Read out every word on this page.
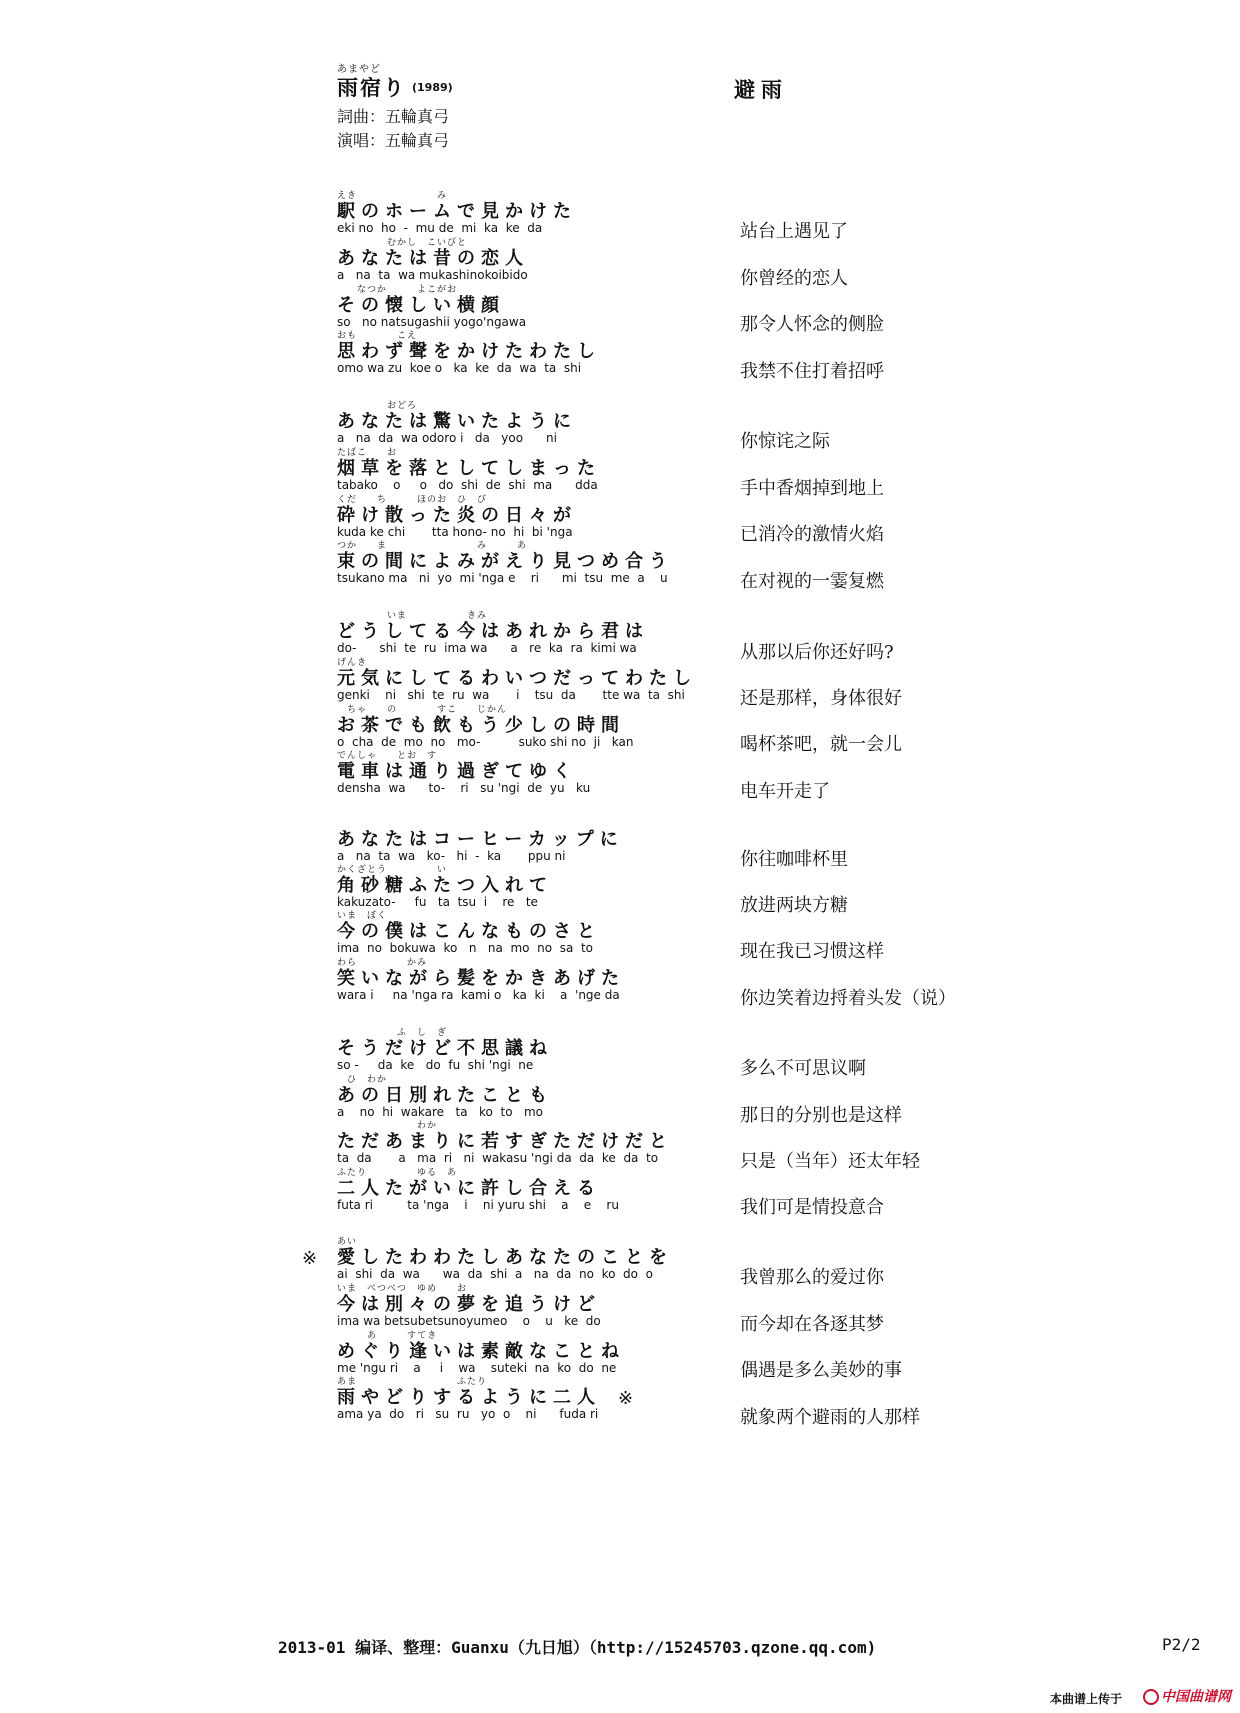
あまやど
雨宿り (1989)	避雨
詞曲：五輪真弓
演唱：五輪真弓
えき　　　　　　　　み
駅のホームで見かけた
eki no  ho  -  mu de  mi  ka  ke  da	站台上遇见了
　　　　　むかし　こいびと
あなたは昔の恋人
a   na  ta  wa mukashinokoibido	你曾经的恋人
　　なつか　　　よこがお
その懐しい横顔
so   no natsugashii yogo'ngawa	那令人怀念的侧脸
おも　　　　こえ
思わず聲をかけたわたし
omo wa zu  koe o   ka  ke  da  wa  ta  shi	我禁不住打着招呼
　　　　　おどろ
あなたは驚いたように
a   na  da  wa odoro i   da   yoo      ni	你惊诧之际
たばこ　　お
烟草を落としてしまった
tabako    o     o   do  shi  de  shi  ma      dda	手中香烟掉到地上
くだ　　ち　　　ほのお　ひ　び
砕け散った炎の日々が
kuda ke chi       tta hono- no  hi  bi 'nga	已消冷的激情火焰
つか　　ま　　　　　　　　　み　　　あ
束の間によみがえり見つめ合う
tsukano ma   ni  yo  mi 'nga e    ri      mi  tsu  me  a    u	在对视的一霎复燃
　　　　　いま　　　　　　きみ
どうしてる今はあれから君は
do-      shi  te  ru  ima wa      a   re  ka  ra  kimi wa	从那以后你还好吗?
げんき
元気にしてるわいつだってわたし
genki    ni   shi  te  ru  wa       i    tsu  da       tte wa  ta  shi	还是那样，身体很好
　ちゃ　　の　　　　すこ　　じかん
お茶でも飲もう少しの時間
o  cha  de  mo  no   mo-          suko shi no  ji   kan	喝杯茶吧，就一会儿
でんしゃ　　とお　す
電車は通り過ぎてゆく
densha  wa      to-    ri   su 'ngi  de  yu   ku	电车开走了
あなたはコーヒーカップに
a   na  ta  wa   ko-   hi  -  ka       ppu ni	你往咖啡杯里
かくざとう　　　　　い
角砂糖ふたつ入れて
kakuzato-     fu   ta  tsu  i    re   te	放进两块方糖
いま　ぼく
今の僕はこんなものさと
ima  no  bokuwa  ko   n   na  mo  no  sa  to	现在我已习惯这样
わら　　　　　かみ
笑いながら髪をかきあげた
wara i     na 'nga ra  kami o   ka  ki    a  'nge da	你边笑着边捋着头发（说）
　　　　　　ふ　し　ぎ
そうだけど不思議ね
so -     da  ke   do  fu  shi 'ngi  ne	多么不可思议啊
　ひ　わか
あの日別れたことも
a    no  hi  wakare   ta   ko  to   mo	那日的分别也是这样
　　　　　　　　わか
ただあまりに若すぎただけだと
ta  da       a   ma  ri   ni  wakasu 'ngi da  da  ke  da  to	只是（当年）还太年轻
ふたり　　　　　ゆる　あ
二人たがいに許し合える
futa ri         ta 'nga    i    ni yuru shi    a    e    ru	我们可是情投意合
あい
愛したわわたしあなたのことを
ai  shi  da  wa      wa  da  shi  a   na  da  no  ko  do  o	我曾那么的爱过你
※
いま　べつべつ　ゆめ　　お
今は別々の夢を追うけど
ima wa betsubetsunoyumeo    o    u   ke  do	而今却在各逐其梦
　　　あ　　　すてき
めぐり逢いは素敵なことね
me 'ngu ri    a     i    wa    suteki  na  ko  do  ne	偶遇是多么美妙的事
あま　　　　　　　　　　ふたり
雨やどりするように二人
ama ya  do   ri   su  ru   yo  o    ni      fuda ri	就象两个避雨的人那样
※
2013-01 编译、整理：Guanxu（九日旭）（http://15245703.qzone.qq.com)	P2/2
本曲谱上传于	中国曲谱网
